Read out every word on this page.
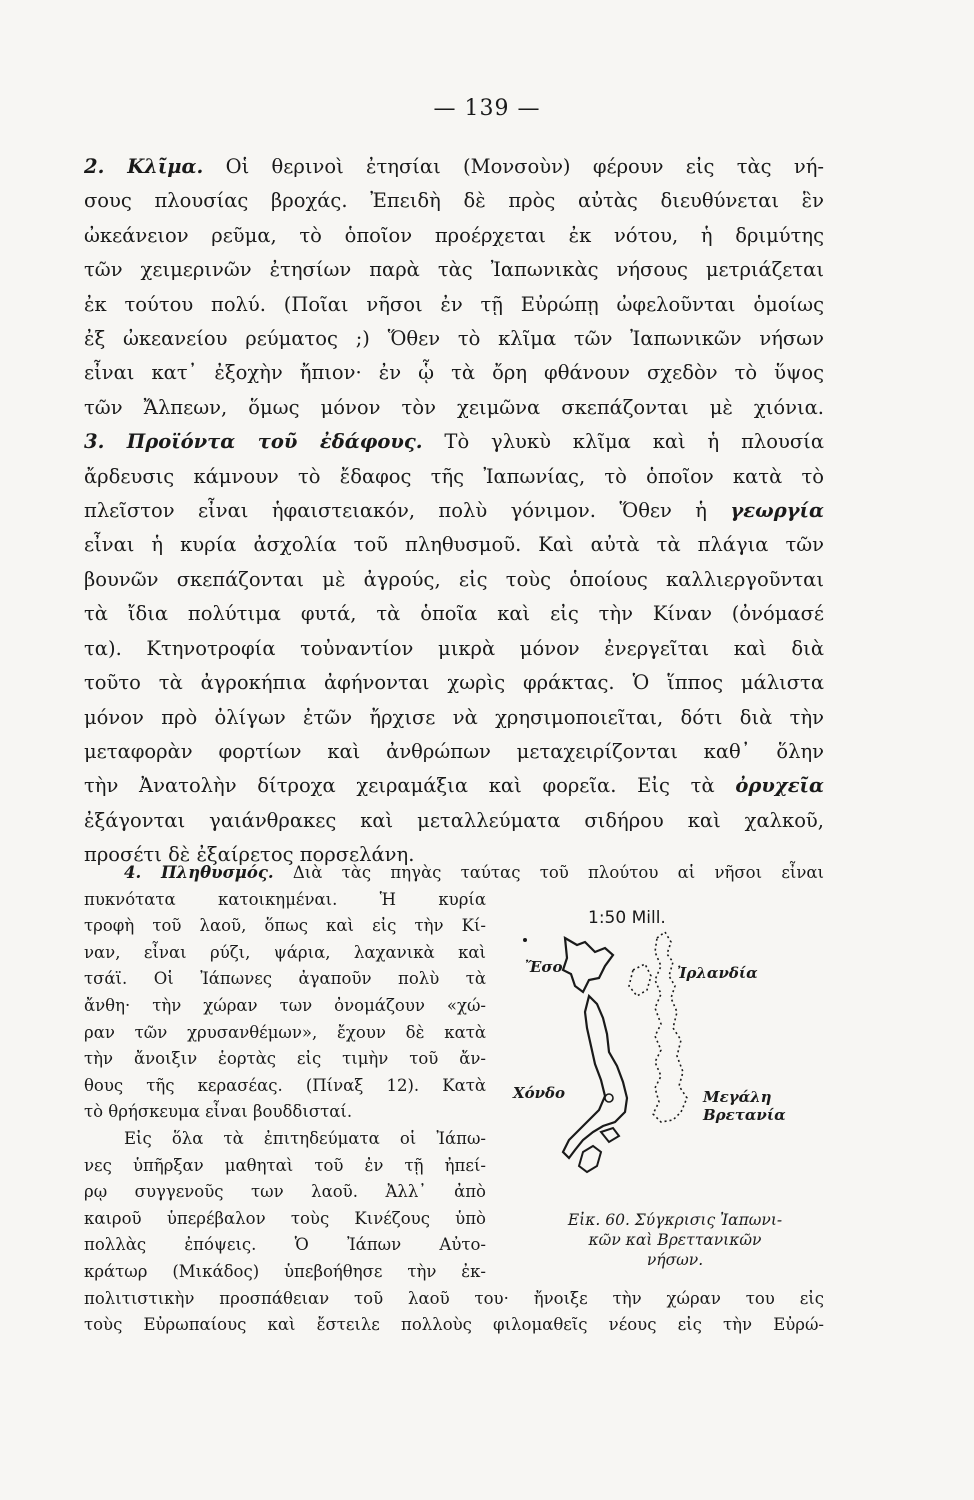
— 139 —

2. Κλῖμα. Οἱ θερινοὶ ἐτησίαι (Μονσοὺν) φέρουν εἰς τὰς νή-

σους πλουσίας βροχάς. Ἐπειδὴ δὲ πρὸς αὐτὰς διευθύνεται ἓν

ὠκεάνειον ρεῦμα, τὸ ὁποῖον προέρχεται ἐκ νότου, ἡ δριμύτης

τῶν χειμερινῶν ἐτησίων παρὰ τὰς Ἰαπωνικὰς νήσους μετριάζεται

ἐκ τούτου πολύ. (Ποῖαι νῆσοι ἐν τῇ Εὐρώπῃ ὠφελοῦνται ὁμοίως

ἐξ ὠκεανείου ρεύματος ;) Ὅθεν τὸ κλῖμα τῶν Ἰαπωνικῶν νήσων

εἶναι κατ᾽ ἐξοχὴν ἤπιον· ἐν ᾧ τὰ ὄρη φθάνουν σχεδὸν τὸ ὕψος

τῶν Ἄλπεων, ὅμως μόνον τὸν χειμῶνα σκεπάζονται μὲ χιόνια.

3. Προϊόντα τοῦ ἐδάφους. Τὸ γλυκὺ κλῖμα καὶ ἡ πλουσία

ἄρδευσις κάμνουν τὸ ἔδαφος τῆς Ἰαπωνίας, τὸ ὁποῖον κατὰ τὸ

πλεῖστον εἶναι ἡφαιστειακόν, πολὺ γόνιμον. Ὅθεν ἡ γεωργία

εἶναι ἡ κυρία ἀσχολία τοῦ πληθυσμοῦ. Καὶ αὐτὰ τὰ πλάγια τῶν

βουνῶν σκεπάζονται μὲ ἀγρούς, εἰς τοὺς ὁποίους καλλιεργοῦνται

τὰ ἴδια πολύτιμα φυτά, τὰ ὁποῖα καὶ εἰς τὴν Κίναν (ὀνόμασέ

τα). Κτηνοτροφία τοὐναντίον μικρὰ μόνον ἐνεργεῖται καὶ διὰ

τοῦτο τὰ ἀγροκήπια ἀφήνονται χωρὶς φράκτας. Ὁ ἵππος μάλιστα

μόνον πρὸ ὀλίγων ἐτῶν ἤρχισε νὰ χρησιμοποιεῖται, δότι διὰ τὴν

μεταφορὰν φορτίων καὶ ἀνθρώπων μεταχειρίζονται καθ᾽ ὅλην

τὴν Ἀνατολὴν δίτροχα χειραμάξια καὶ φορεῖα. Εἰς τὰ ὀρυχεῖα

ἐξάγονται γαιάνθρακες καὶ μεταλλεύματα σιδήρου καὶ χαλκοῦ,

προσέτι δὲ ἐξαίρετος πορσελάνη.

4. Πληθυσμός. Διὰ τὰς πηγὰς ταύτας τοῦ πλούτου αἱ νῆσοι εἶναι

πυκνότατα κατοικημέναι. Ἡ κυρία

τροφὴ τοῦ λαοῦ, ὅπως καὶ εἰς τὴν Κί-

ναν, εἶναι ρύζι, ψάρια, λαχανικὰ καὶ

τσάϊ. Οἱ Ἰάπωνες ἀγαποῦν πολὺ τὰ

ἄνθη· τὴν χώραν των ὀνομάζουν «χώ-

ραν τῶν χρυσανθέμων», ἔχουν δὲ κατὰ

τὴν ἄνοιξιν ἑορτὰς εἰς τιμὴν τοῦ ἄν-

θους τῆς κερασέας. (Πίναξ 12). Κατὰ

τὸ θρήσκευμα εἶναι βουδδισταί.

Εἰς ὅλα τὰ ἐπιτηδεύματα οἱ Ἰάπω-

νες ὑπῆρξαν μαθηταὶ τοῦ ἐν τῇ ἠπεί-

ρῳ συγγενοῦς των λαοῦ. Ἀλλ᾽ ἀπὸ

καιροῦ ὑπερέβαλον τοὺς Κινέζους ὑπὸ

πολλὰς ἐπόψεις. Ὁ Ἰάπων Αὐτο-

κράτωρ (Μικάδος) ὑπεβοήθησε τὴν ἐκ-

πολιτιστικὴν προσπάθειαν τοῦ λαοῦ του· ἤνοιξε τὴν χώραν του εἰς

τοὺς Εὐρωπαίους καὶ ἔστειλε πολλοὺς φιλομαθεῖς νέους εἰς τὴν Εὐρώ-

1:50 Mill.
Ἔσο	Ἰρλανδία
Χόνδο	Μεγάλη
Βρετανία
Εἰκ. 60. Σύγκρισις Ἰαπωνι-
κῶν καὶ Βρεττανικῶν
νήσων.
